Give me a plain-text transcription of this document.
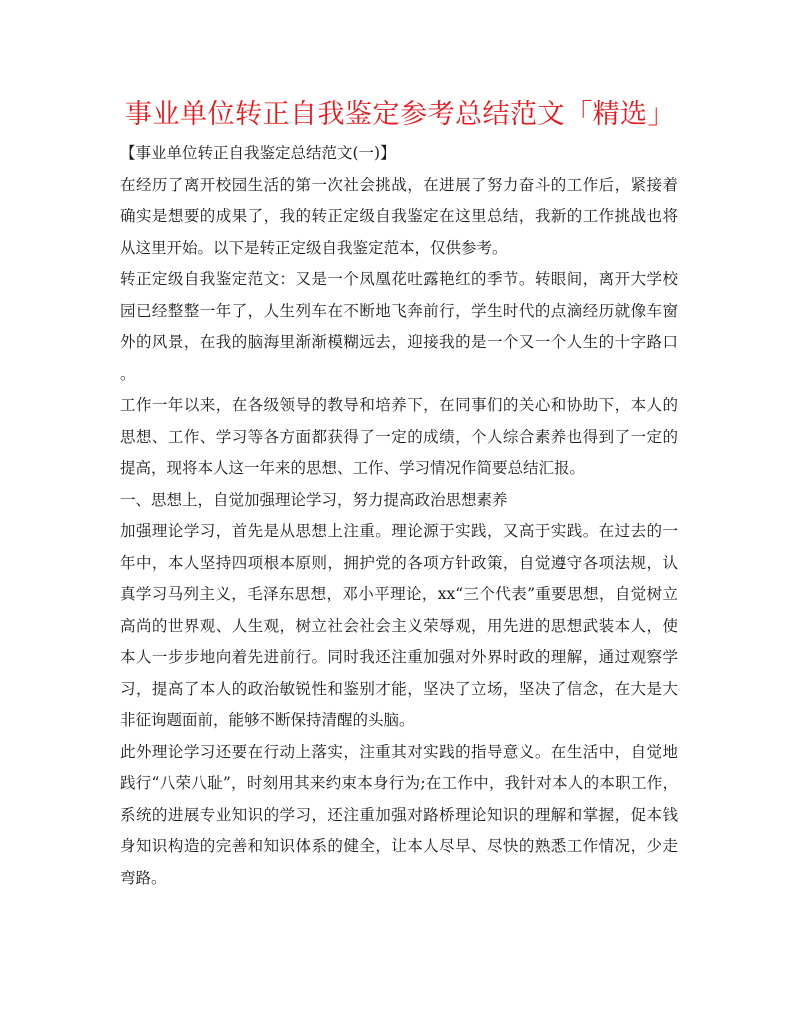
事业单位转正自我鉴定参考总结范文「精选」
【事业单位转正自我鉴定总结范文(一)】
在经历了离开校园生活的第一次社会挑战，在进展了努力奋斗的工作后，紧接着
确实是想要的成果了，我的转正定级自我鉴定在这里总结，我新的工作挑战也将
从这里开始。以下是转正定级自我鉴定范本，仅供参考。
转正定级自我鉴定范文：又是一个凤凰花吐露艳红的季节。转眼间，离开大学校
园已经整整一年了，人生列车在不断地飞奔前行，学生时代的点滴经历就像车窗
外的风景，在我的脑海里渐渐模糊远去，迎接我的是一个又一个人生的十字路口
。
工作一年以来，在各级领导的教导和培养下，在同事们的关心和协助下，本人的
思想、工作、学习等各方面都获得了一定的成绩，个人综合素养也得到了一定的
提高，现将本人这一年来的思想、工作、学习情况作简要总结汇报。
一、思想上，自觉加强理论学习，努力提高政治思想素养
加强理论学习，首先是从思想上注重。理论源于实践，又高于实践。在过去的一
年中，本人坚持四项根本原则，拥护党的各项方针政策，自觉遵守各项法规，认
真学习马列主义，毛泽东思想，邓小平理论，xx“三个代表”重要思想，自觉树立
高尚的世界观、人生观，树立社会社会主义荣辱观，用先进的思想武装本人，使
本人一步步地向着先进前行。同时我还注重加强对外界时政的理解，通过观察学
习，提高了本人的政治敏锐性和鉴别才能，坚决了立场，坚决了信念，在大是大
非征询题面前，能够不断保持清醒的头脑。
此外理论学习还要在行动上落实，注重其对实践的指导意义。在生活中，自觉地
践行“八荣八耻”，时刻用其来约束本身行为;在工作中，我针对本人的本职工作，
系统的进展专业知识的学习，还注重加强对路桥理论知识的理解和掌握，促本钱
身知识构造的完善和知识体系的健全，让本人尽早、尽快的熟悉工作情况，少走
弯路。
